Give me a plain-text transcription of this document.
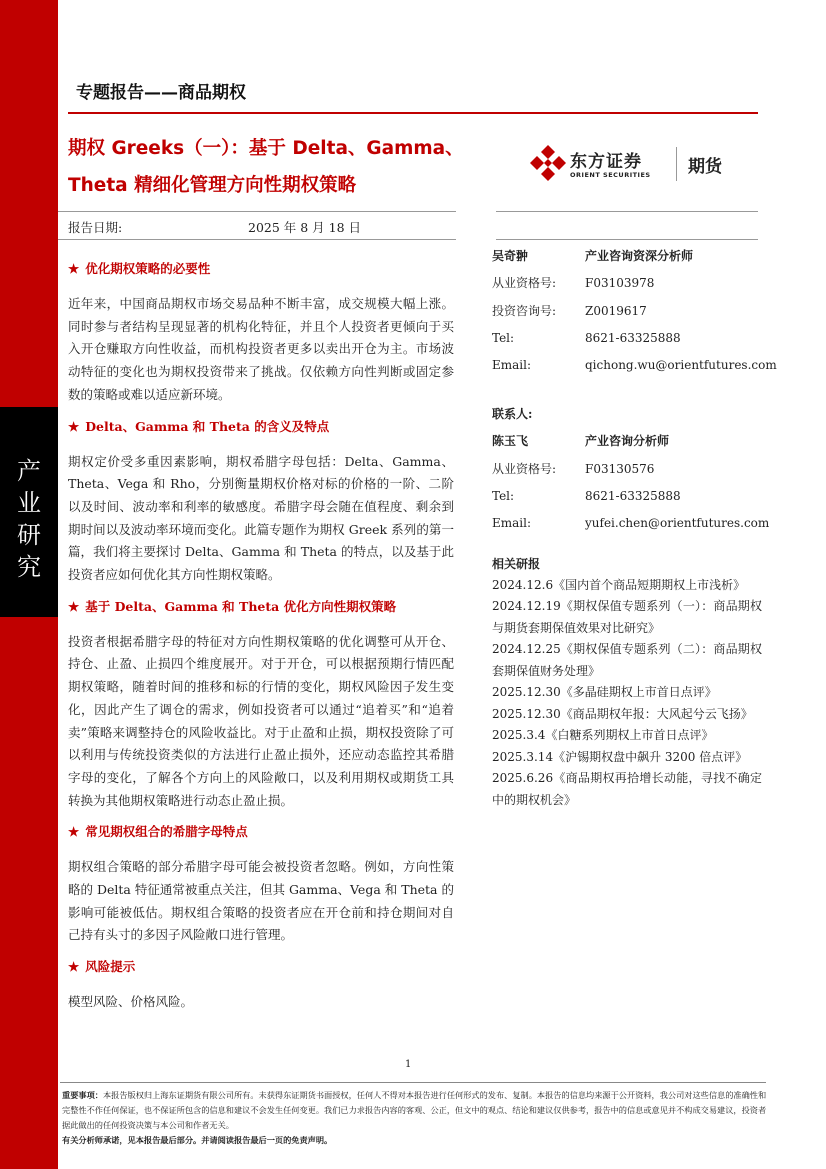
产
业
研
究
专题报告——商品期权
期权 Greeks（一）：基于 Delta、Gamma、
Theta 精细化管理方向性期权策略
东方证券
ORIENT SECURITIES 期货
报告日期:	2025 年 8 月 18 日
★ 优化期权策略的必要性
近年来，中国商品期权市场交易品种不断丰富，成交规模大幅上涨。同时参与者结构呈现显著的机构化特征，并且个人投资者更倾向于买入开仓赚取方向性收益，而机构投资者更多以卖出开仓为主。市场波动特征的变化也为期权投资带来了挑战。仅依赖方向性判断或固定参数的策略或难以适应新环境。
★ Delta、Gamma 和 Theta 的含义及特点
期权定价受多重因素影响，期权希腊字母包括：Delta、Gamma、Theta、Vega 和 Rho，分别衡量期权价格对标的价格的一阶、二阶以及时间、波动率和利率的敏感度。希腊字母会随在值程度、剩余到期时间以及波动率环境而变化。此篇专题作为期权 Greek 系列的第一篇，我们将主要探讨 Delta、Gamma 和 Theta 的特点，以及基于此投资者应如何优化其方向性期权策略。
★ 基于 Delta、Gamma 和 Theta 优化方向性期权策略
投资者根据希腊字母的特征对方向性期权策略的优化调整可从开仓、持仓、止盈、止损四个维度展开。对于开仓，可以根据预期行情匹配期权策略，随着时间的推移和标的行情的变化，期权风险因子发生变化，因此产生了调仓的需求，例如投资者可以通过“追着买”和“追着卖”策略来调整持仓的风险收益比。对于止盈和止损，期权投资除了可以利用与传统投资类似的方法进行止盈止损外，还应动态监控其希腊字母的变化，了解各个方向上的风险敞口，以及利用期权或期货工具转换为其他期权策略进行动态止盈止损。
★ 常见期权组合的希腊字母特点
期权组合策略的部分希腊字母可能会被投资者忽略。例如，方向性策略的 Delta 特征通常被重点关注，但其 Gamma、Vega 和 Theta 的影响可能被低估。期权组合策略的投资者应在开仓前和持仓期间对自己持有头寸的多因子风险敞口进行管理。
★ 风险提示
模型风险、价格风险。
吴奇翀	产业咨询资深分析师
从业资格号: F03103978
投资咨询号: Z0019617
Tel:	8621-63325888
Email:	qichong.wu@orientfutures.com
联系人:
陈玉飞	产业咨询分析师
从业资格号: F03130576
Tel:	8621-63325888
Email:	yufei.chen@orientfutures.com
相关研报
2024.12.6《国内首个商品短期期权上市浅析》
2024.12.19《期权保值专题系列（一）：商品期权与期货套期保值效果对比研究》
2024.12.25《期权保值专题系列（二）：商品期权套期保值财务处理》
2025.12.30《多晶硅期权上市首日点评》
2025.12.30《商品期权年报：大风起兮云飞扬》
2025.3.4《白糖系列期权上市首日点评》
2025.3.14《沪锡期权盘中飙升 3200 倍点评》
2025.6.26《商品期权再拾增长动能，寻找不确定中的期权机会》
1
重要事项：本报告版权归上海东证期货有限公司所有。未获得东证期货书面授权，任何人不得对本报告进行任何形式的发布、复制。本报告的信息均来源于公开资料，我公司对这些信息的准确性和完整性不作任何保证，也不保证所包含的信息和建议不会发生任何变更。我们已力求报告内容的客观、公正，但文中的观点、结论和建议仅供参考，报告中的信息或意见并不构成交易建议，投资者据此做出的任何投资决策与本公司和作者无关。
有关分析师承诺，见本报告最后部分。并请阅读报告最后一页的免责声明。
